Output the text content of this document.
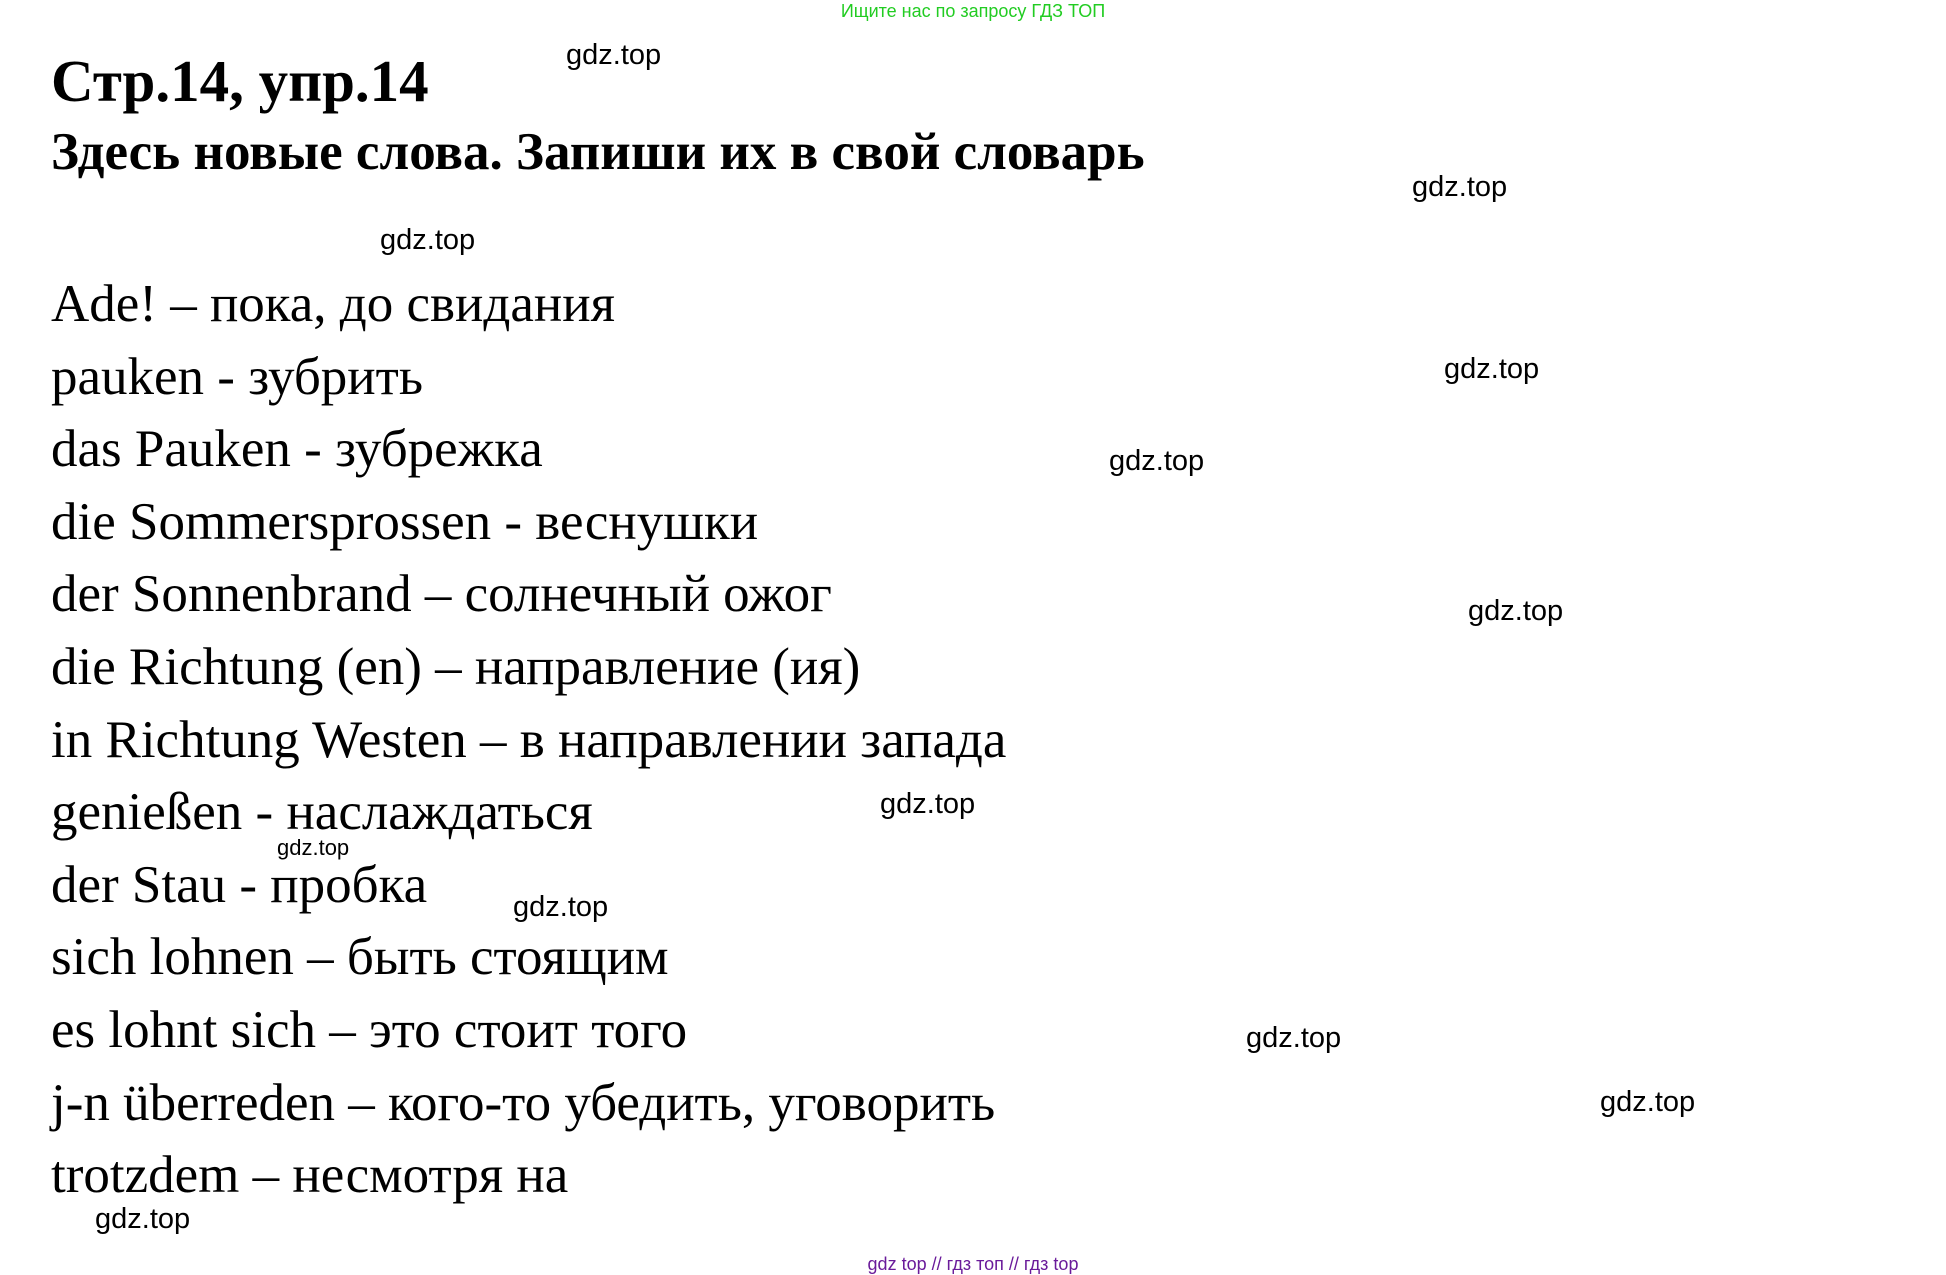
Ищите нас по запросу ГДЗ ТОП
Стр.14, упр.14
Здесь новые слова. Запиши их в свой словарь
Ade! – пока, до свидания
pauken - зубрить
das Pauken - зубрежка
die Sommersprossen - веснушки
der Sonnenbrand – солнечный ожог
die Richtung (en) – направление (ия)
in Richtung Westen – в направлении запада
genießen - наслаждаться
der Stau - пробка
sich lohnen – быть стоящим
es lohnt sich – это стоит того
j-n überreden – кого-то убедить, уговорить
trotzdem – несмотря на
gdz.top
gdz.top
gdz.top
gdz.top
gdz.top
gdz.top
gdz.top
gdz.top
gdz.top
gdz.top
gdz.top
gdz.top
gdz top // гдз топ // гдз top
